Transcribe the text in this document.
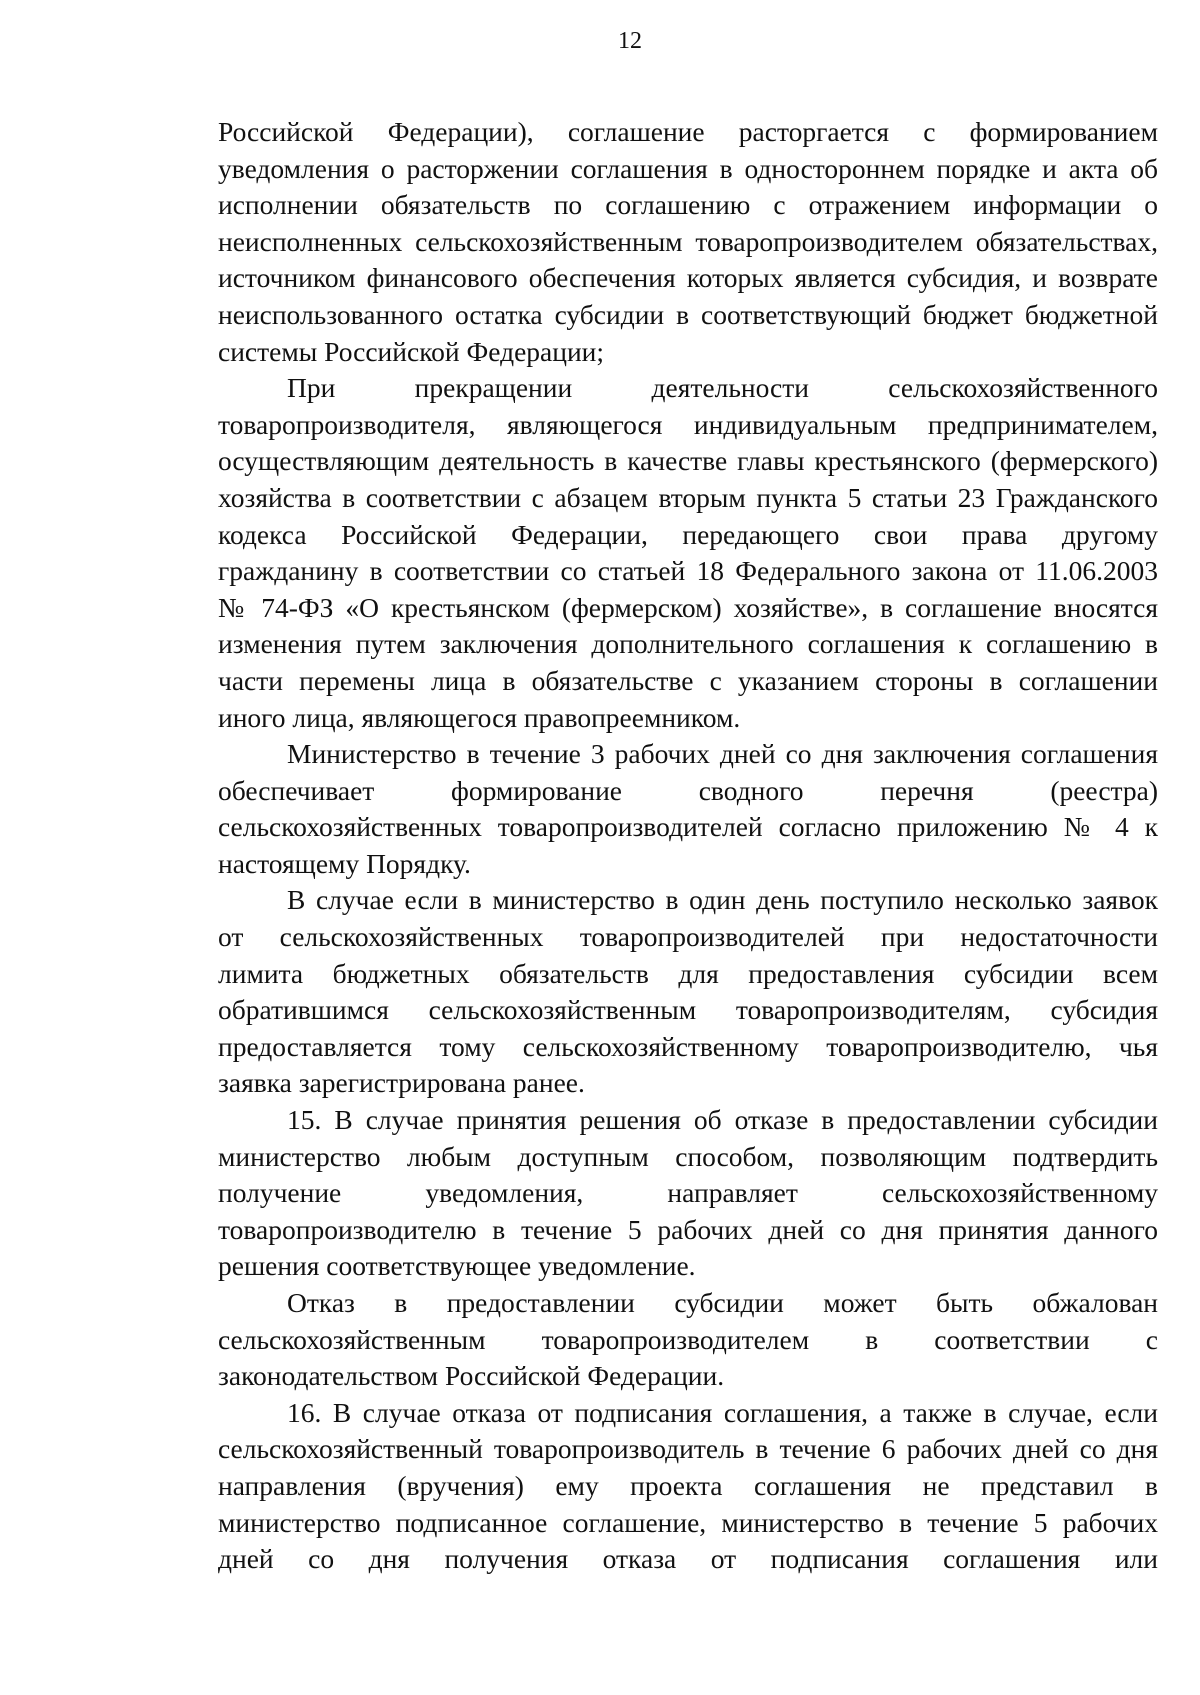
12
Российской Федерации), соглашение расторгается с формированием
уведомления о расторжении соглашения в одностороннем порядке и акта об
исполнении обязательств по соглашению с отражением информации о
неисполненных сельскохозяйственным товаропроизводителем обязательствах,
источником финансового обеспечения которых является субсидия, и возврате
неиспользованного остатка субсидии в соответствующий бюджет бюджетной
системы Российской Федерации;
При прекращении деятельности сельскохозяйственного
товаропроизводителя, являющегося индивидуальным предпринимателем,
осуществляющим деятельность в качестве главы крестьянского (фермерского)
хозяйства в соответствии с абзацем вторым пункта 5 статьи 23 Гражданского
кодекса Российской Федерации, передающего свои права другому
гражданину в соответствии со статьей 18 Федерального закона от 11.06.2003
№ 74-ФЗ «О крестьянском (фермерском) хозяйстве», в соглашение вносятся
изменения путем заключения дополнительного соглашения к соглашению в
части перемены лица в обязательстве с указанием стороны в соглашении
иного лица, являющегося правопреемником.
Министерство в течение 3 рабочих дней со дня заключения соглашения
обеспечивает формирование сводного перечня (реестра)
сельскохозяйственных товаропроизводителей согласно приложению № 4 к
настоящему Порядку.
В случае если в министерство в один день поступило несколько заявок
от сельскохозяйственных товаропроизводителей при недостаточности
лимита бюджетных обязательств для предоставления субсидии всем
обратившимся сельскохозяйственным товаропроизводителям, субсидия
предоставляется тому сельскохозяйственному товаропроизводителю, чья
заявка зарегистрирована ранее.
15. В случае принятия решения об отказе в предоставлении субсидии
министерство любым доступным способом, позволяющим подтвердить
получение уведомления, направляет сельскохозяйственному
товаропроизводителю в течение 5 рабочих дней со дня принятия данного
решения соответствующее уведомление.
Отказ в предоставлении субсидии может быть обжалован
сельскохозяйственным товаропроизводителем в соответствии с
законодательством Российской Федерации.
16. В случае отказа от подписания соглашения, а также в случае, если
сельскохозяйственный товаропроизводитель в течение 6 рабочих дней со дня
направления (вручения) ему проекта соглашения не представил в
министерство подписанное соглашение, министерство в течение 5 рабочих
дней со дня получения отказа от подписания соглашения или
